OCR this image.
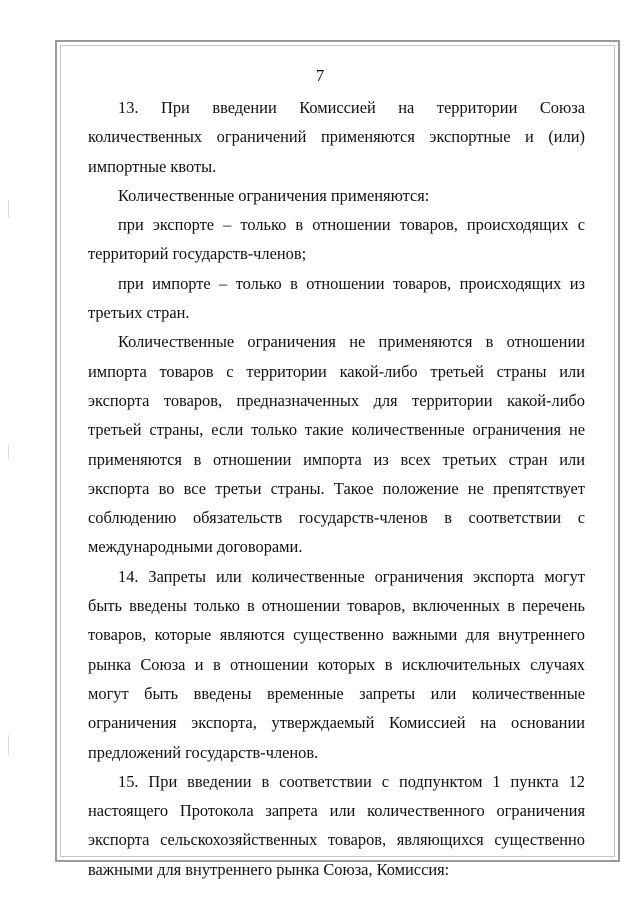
7

13. При введении Комиссией на территории Союза количественных ограничений применяются экспортные и (или) импортные квоты.

Количественные ограничения применяются:

при экспорте – только в отношении товаров, происходящих с территорий государств-членов;

при импорте – только в отношении товаров, происходящих из третьих стран.

Количественные ограничения не применяются в отношении импорта товаров с территории какой-либо третьей страны или экспорта товаров, предназначенных для территории какой-либо третьей страны, если только такие количественные ограничения не применяются в отношении импорта из всех третьих стран или экспорта во все третьи страны. Такое положение не препятствует соблюдению обязательств государств-членов в соответствии с международными договорами.

14. Запреты или количественные ограничения экспорта могут быть введены только в отношении товаров, включенных в перечень товаров, которые являются существенно важными для внутреннего рынка Союза и в отношении которых в исключительных случаях могут быть введены временные запреты или количественные ограничения экспорта, утверждаемый Комиссией на основании предложений государств-членов.

15. При введении в соответствии с подпунктом 1 пункта 12 настоящего Протокола запрета или количественного ограничения экспорта сельскохозяйственных товаров, являющихся существенно важными для внутреннего рынка Союза, Комиссия:
